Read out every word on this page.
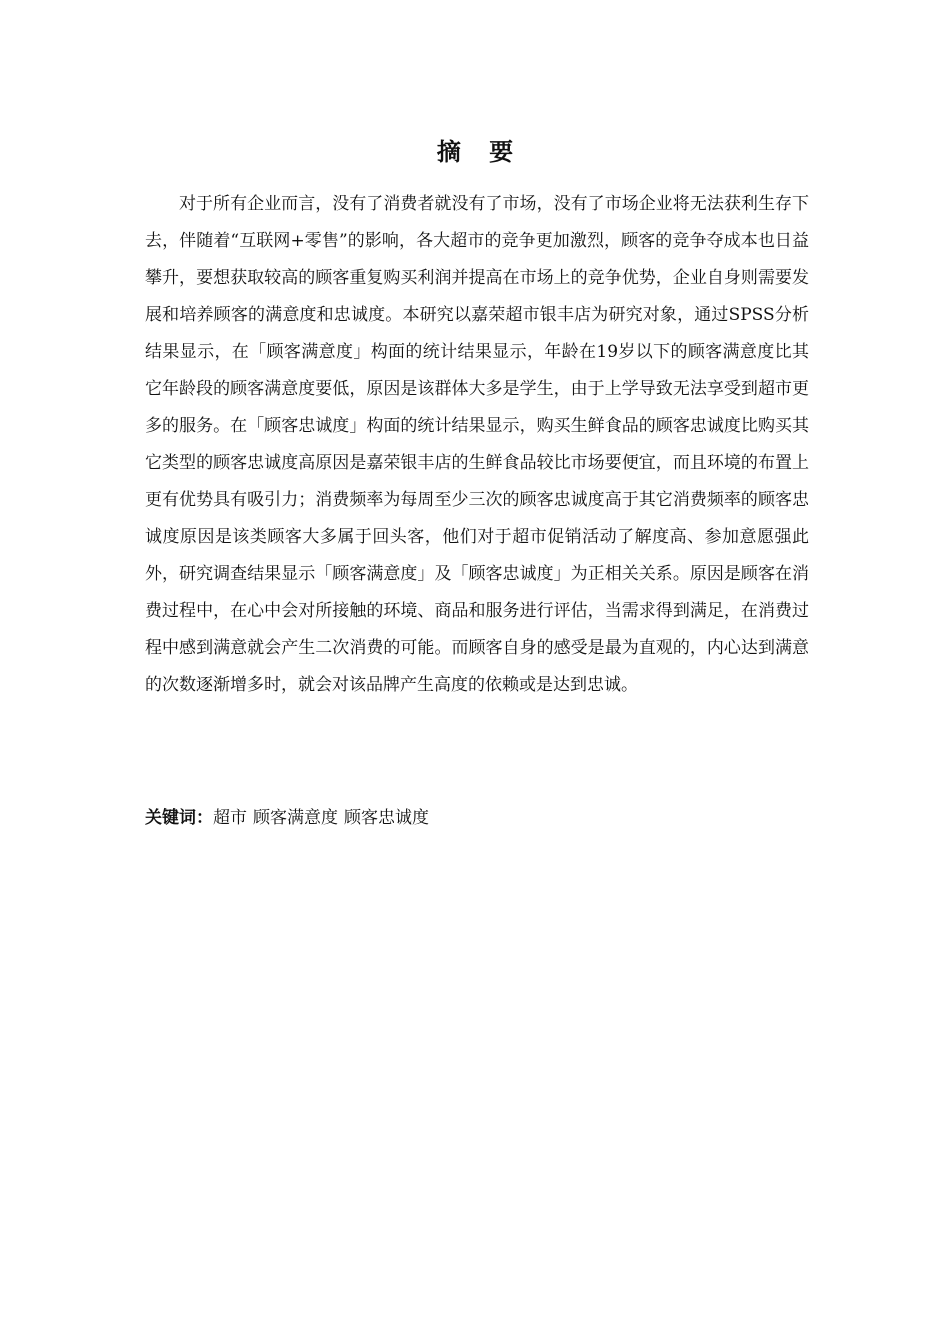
摘 要

对于所有企业而言，没有了消费者就没有了市场，没有了市场企业将无法获利生存下去，伴随着“互联网+零售”的影响，各大超市的竞争更加激烈，顾客的竞争夺成本也日益攀升，要想获取较高的顾客重复购买利润并提高在市场上的竞争优势，企业自身则需要发展和培养顾客的满意度和忠诚度。本研究以嘉荣超市银丰店为研究对象，通过SPSS分析结果显示，在「顾客满意度」构面的统计结果显示，年龄在19岁以下的顾客满意度比其它年龄段的顾客满意度要低，原因是该群体大多是学生，由于上学导致无法享受到超市更多的服务。在「顾客忠诚度」构面的统计结果显示，购买生鲜食品的顾客忠诚度比购买其它类型的顾客忠诚度高原因是嘉荣银丰店的生鲜食品较比市场要便宜，而且环境的布置上更有优势具有吸引力；消费频率为每周至少三次的顾客忠诚度高于其它消费频率的顾客忠诚度原因是该类顾客大多属于回头客，他们对于超市促销活动了解度高、参加意愿强此外，研究调查结果显示「顾客满意度」及「顾客忠诚度」为正相关关系。原因是顾客在消费过程中，在心中会对所接触的环境、商品和服务进行评估，当需求得到满足，在消费过程中感到满意就会产生二次消费的可能。而顾客自身的感受是最为直观的，内心达到满意的次数逐渐增多时，就会对该品牌产生高度的依赖或是达到忠诚。

关键词：超市 顾客满意度 顾客忠诚度
